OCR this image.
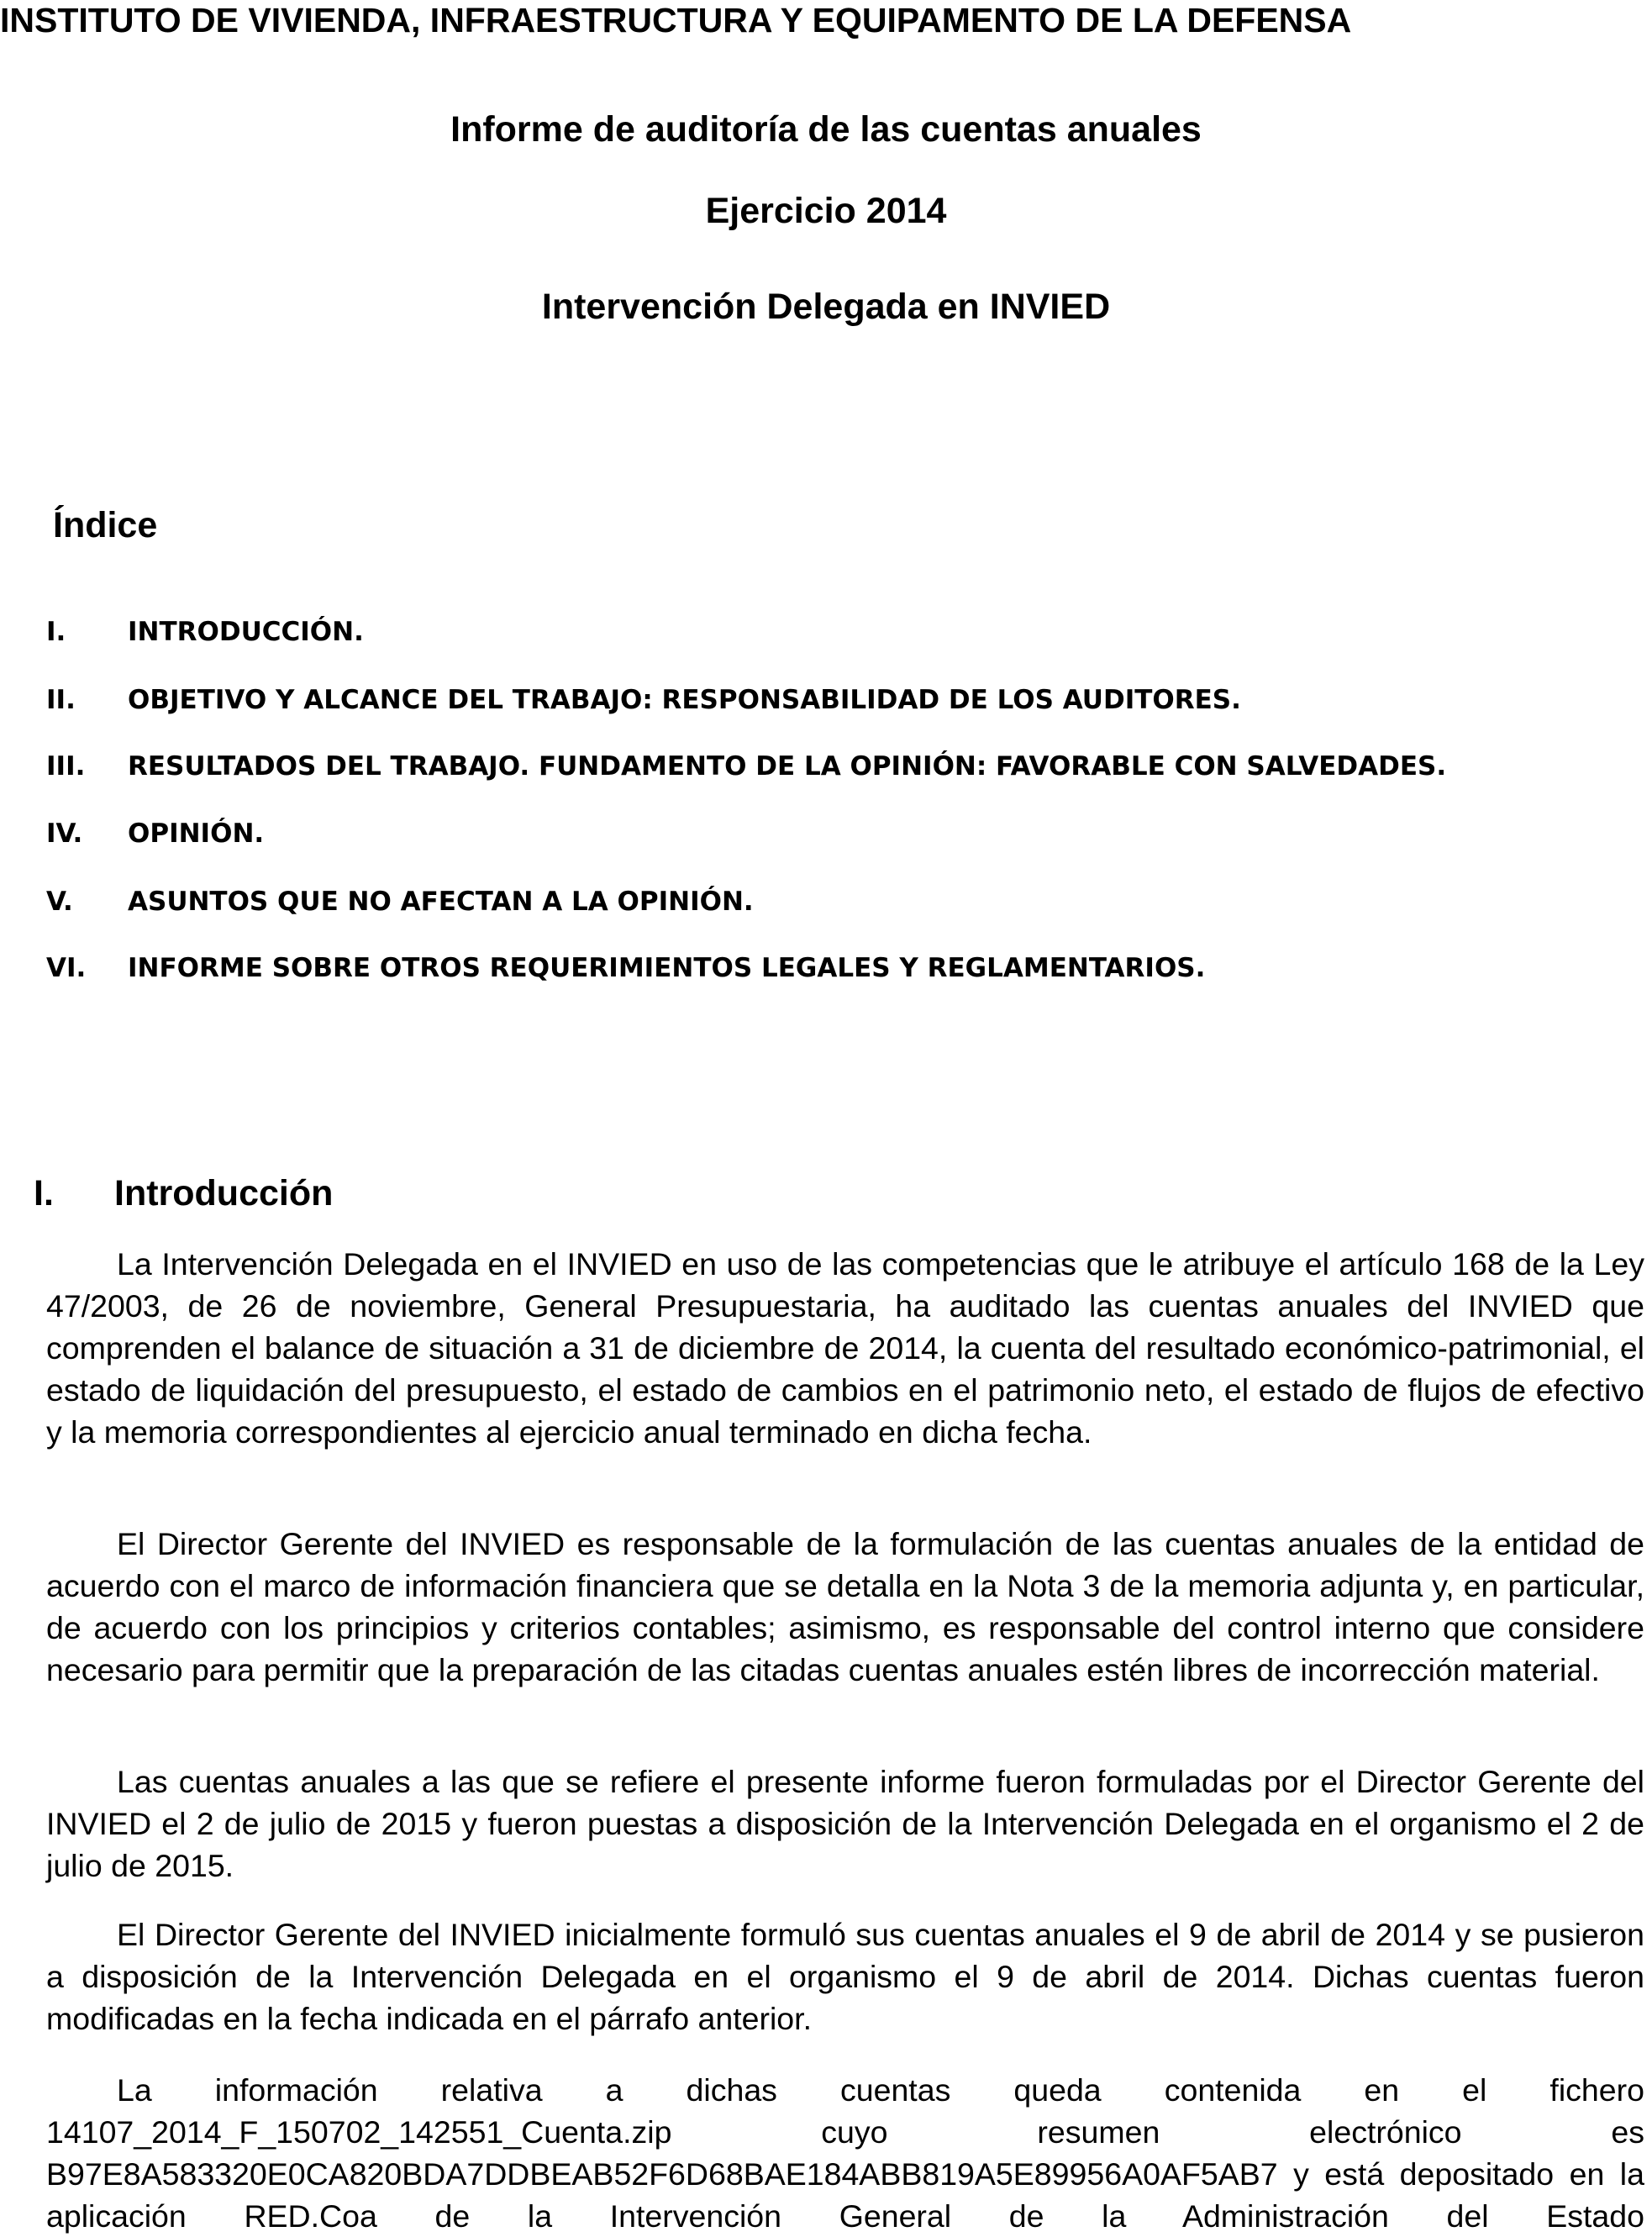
INSTITUTO DE VIVIENDA, INFRAESTRUCTURA Y EQUIPAMENTO DE LA DEFENSA
Informe de auditoría de las cuentas anuales
Ejercicio 2014
Intervención Delegada en INVIED
Índice
I. INTRODUCCIÓN.
II. OBJETIVO Y ALCANCE DEL TRABAJO: RESPONSABILIDAD DE LOS AUDITORES.
III. RESULTADOS DEL TRABAJO. FUNDAMENTO DE LA OPINIÓN: FAVORABLE CON SALVEDADES.
IV. OPINIÓN.
V. ASUNTOS QUE NO AFECTAN A LA OPINIÓN.
VI. INFORME SOBRE OTROS REQUERIMIENTOS LEGALES Y REGLAMENTARIOS.
I. Introducción

La Intervención Delegada en el INVIED en uso de las competencias que le atribuye el artículo 168 de la Ley 47/2003, de 26 de noviembre, General Presupuestaria, ha auditado las cuentas anuales del INVIED que comprenden el balance de situación a 31 de diciembre de 2014, la cuenta del resultado económico-patrimonial, el estado de liquidación del presupuesto, el estado de cambios en el patrimonio neto, el estado de flujos de efectivo y la memoria correspondientes al ejercicio anual terminado en dicha fecha.

El Director Gerente del INVIED es responsable de la formulación de las cuentas anuales de la entidad de acuerdo con el marco de información financiera que se detalla en la Nota 3 de la memoria adjunta y, en particular, de acuerdo con los principios y criterios contables; asimismo, es responsable del control interno que considere necesario para permitir que la preparación de las citadas cuentas anuales estén libres de incorrección material.

Las cuentas anuales a las que se refiere el presente informe fueron formuladas por el Director Gerente del INVIED el 2 de julio de 2015 y fueron puestas a disposición de la Intervención Delegada en el organismo el 2 de julio de 2015.

El Director Gerente del INVIED inicialmente formuló sus cuentas anuales el 9 de abril de 2014 y se pusieron a disposición de la Intervención Delegada en el organismo el 9 de abril de 2014. Dichas cuentas fueron modificadas en la fecha indicada en el párrafo anterior.

La información relativa a dichas cuentas queda contenida en el fichero 14107_2014_F_150702_142551_Cuenta.zip cuyo resumen electrónico es B97E8A583320E0CA820BDA7DDBEAB52F6D68BAE184ABB819A5E89956A0AF5AB7 y está depositado en la aplicación RED.Coa de la Intervención General de la Administración del Estado
